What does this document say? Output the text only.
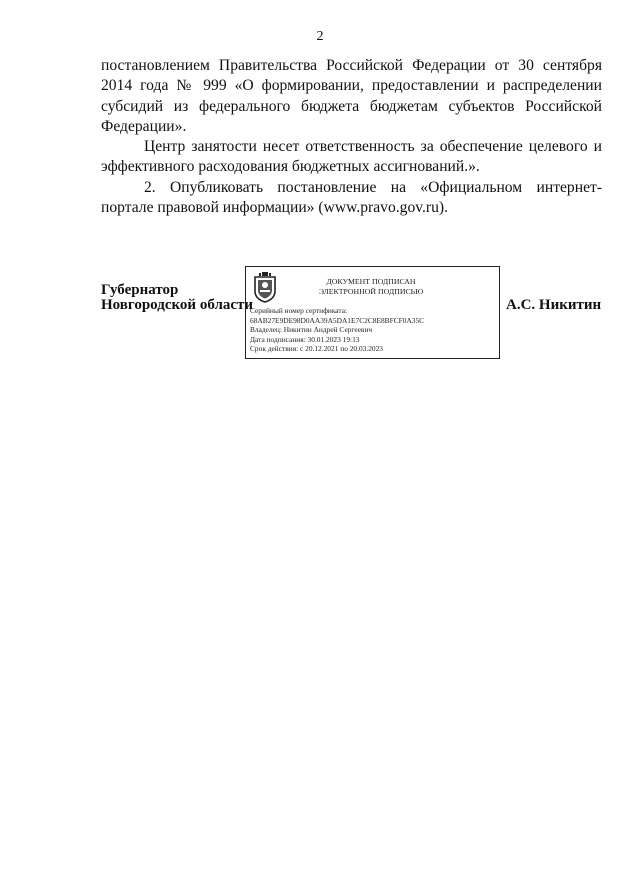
2

постановлением Правительства Российской Федерации от 30 сентября 2014 года № 999 «О формировании, предоставлении и распределении субсидий из федерального бюджета бюджетам субъектов Российской Федерации».

Центр занятости несет ответственность за обеспечение целевого и эффективного расходования бюджетных ассигнований.».

2. Опубликовать постановление на «Официальном интернет-портале правовой информации» (www.pravo.gov.ru).

Губернатор
Новгородской области	А.С. Никитин
ДОКУМЕНТ ПОДПИСАН
ЭЛЕКТРОННОЙ ПОДПИСЬЮ
Серийный номер сертификата:
68AB27E9DE98D0AA39A5DA1E7C2C8E8BFCF0A35C
Владелец: Никитин Андрей Сергеевич
Дата подписания: 30.01.2023 19:13
Срок действия: с 20.12.2021 по 20.03.2023
